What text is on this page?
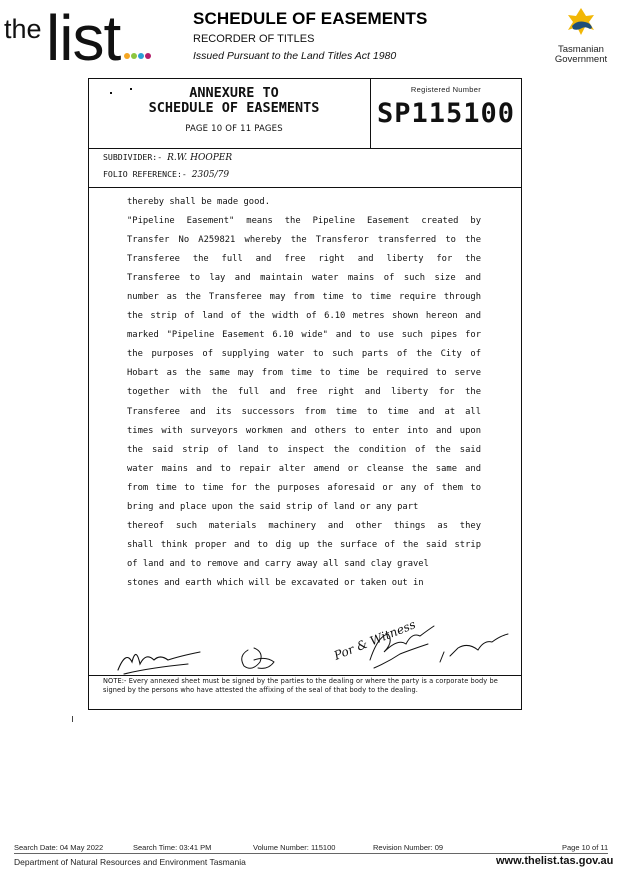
the list	SCHEDULE OF EASEMENTS
RECORDER OF TITLES
Issued Pursuant to the Land Titles Act 1980
Tasmanian
Government
ANNEXURE TO
SCHEDULE OF EASEMENTS
PAGE 10 OF 11 PAGES
Registered Number
SP115100
SUBDIVIDER:- R.W. HOOPER
FOLIO REFERENCE:- 2305/79
thereby shall be made good.
"Pipeline Easement" means the Pipeline Easement created by
Transfer No A259821 whereby the Transferor transferred to the
Transferee the full and free right and liberty for the
Transferee to lay and maintain water mains of such size and
number as the Transferee may from time to time require through
the strip of land of the width of 6.10 metres shown hereon and
marked "Pipeline Easement 6.10 wide" and to use such pipes for
the purposes of supplying water to such parts of the City of
Hobart as the same may from time to time be required to serve
together with the full and free right and liberty for the
Transferee and its successors from time to time and at all
times with surveyors workmen and others to enter into and upon
the said strip of land to inspect the condition of the said
water mains and to repair alter amend or cleanse the same and
from time to time for the purposes aforesaid or any of them to
bring and place upon the said strip of land or any part
thereof such materials machinery and other things as they
shall think proper and to dig up the surface of the said strip
of land and to remove and carry away all sand clay gravel
stones and earth which will be excavated or taken out in
Por & Witness
NOTE:- Every annexed sheet must be signed by the parties to the dealing or where the party is a corporate body be signed by the persons who have attested the affixing of the seal of that body to the dealing.
Search Date: 04 May 2022	Search Time: 03:41 PM	Volume Number: 115100	Revision Number: 09	Page 10 of 11
Department of Natural Resources and Environment Tasmania	www.thelist.tas.gov.au
